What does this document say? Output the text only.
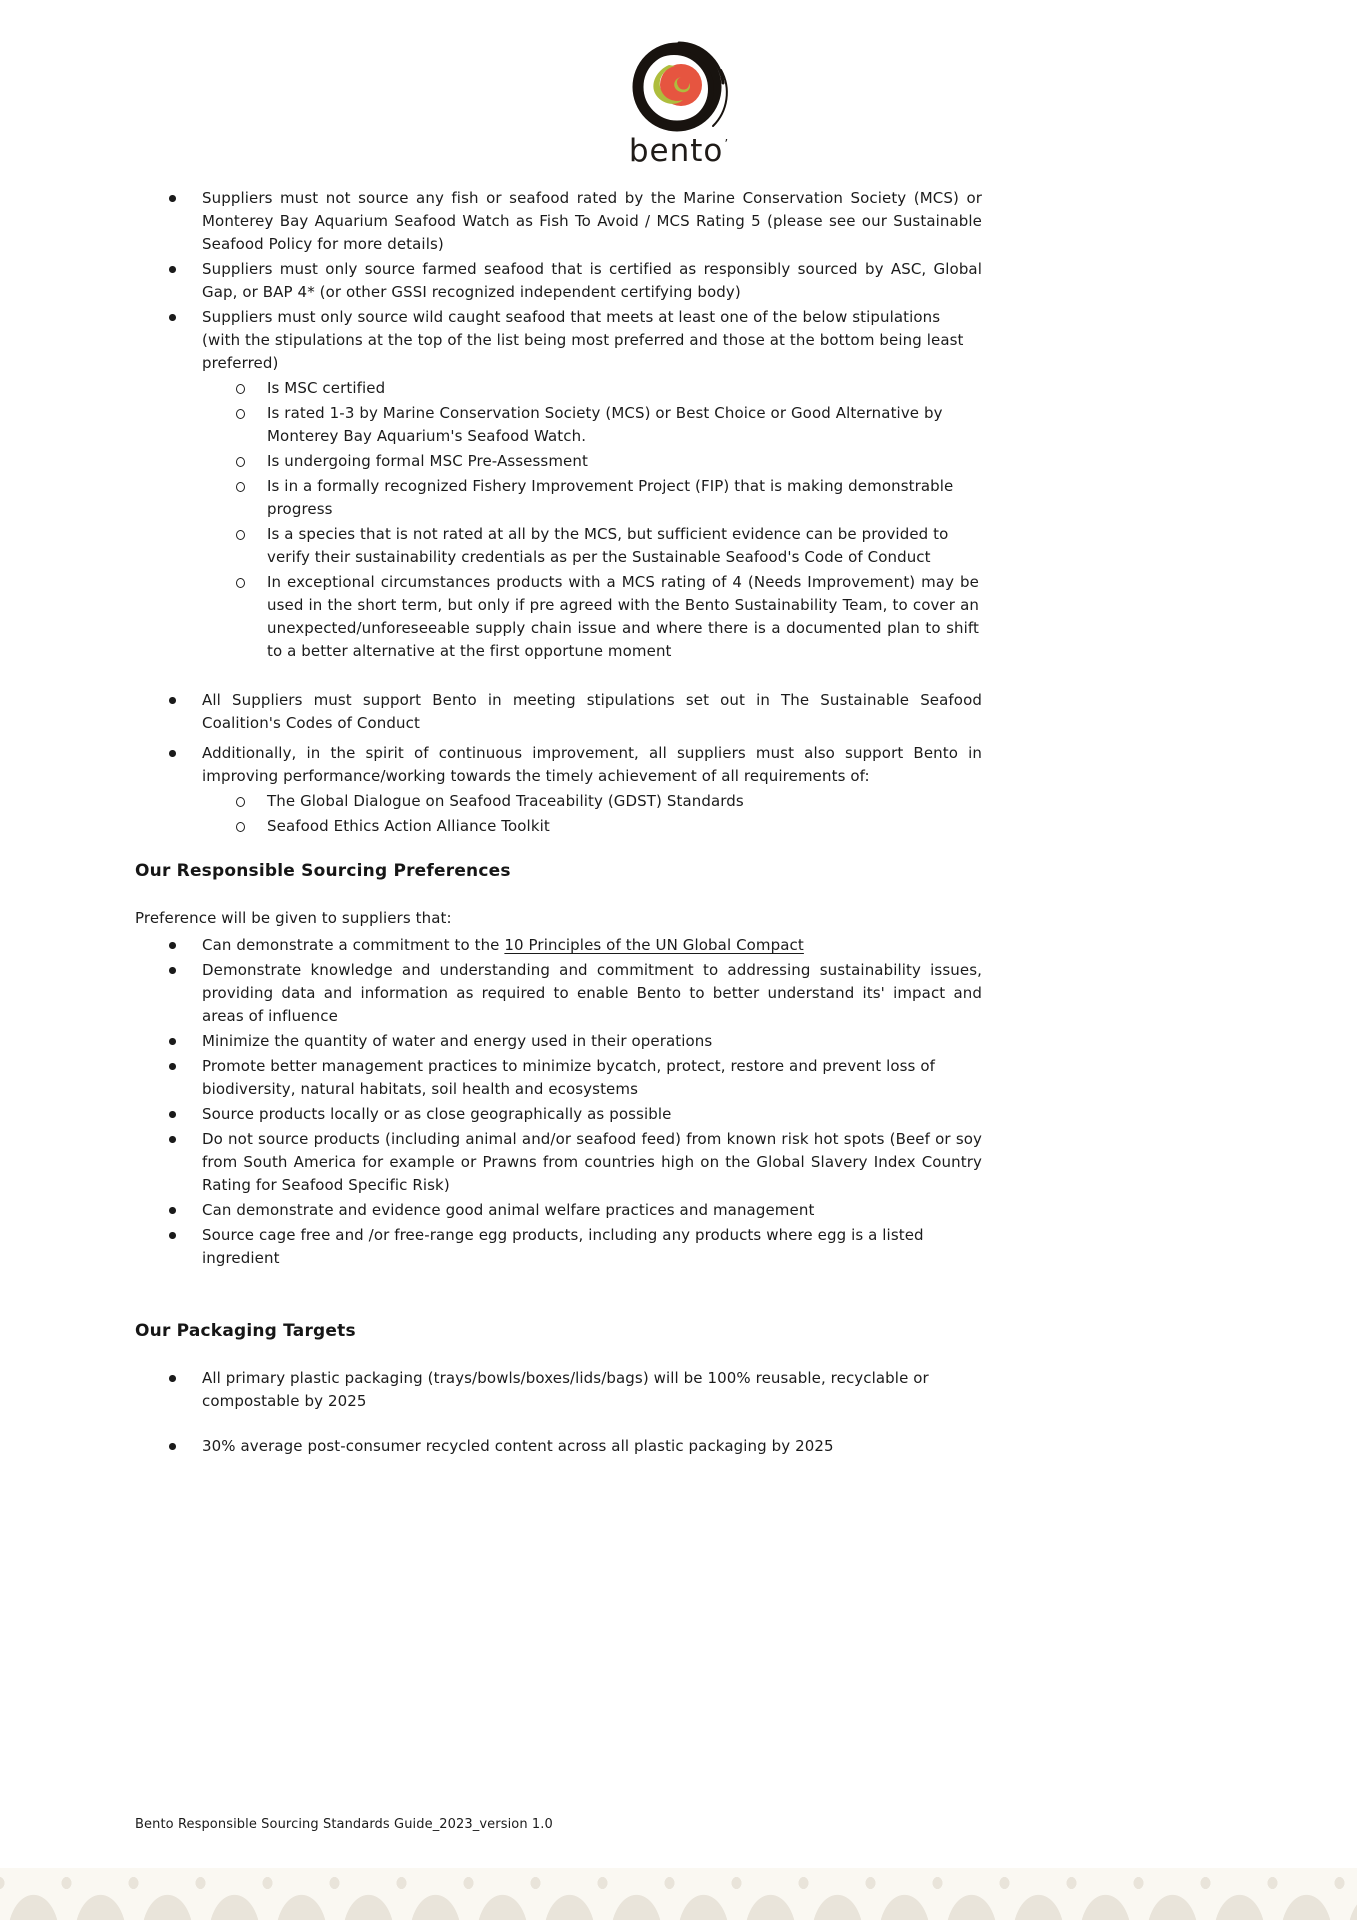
bento’
Suppliers must not source any fish or seafood rated by the Marine Conservation Society (MCS) or Monterey Bay Aquarium Seafood Watch as Fish To Avoid / MCS Rating 5 (please see our Sustainable Seafood Policy for more details)
Suppliers must only source farmed seafood that is certified as responsibly sourced by ASC, Global Gap, or BAP 4* (or other GSSI recognized independent certifying body)
Suppliers must only source wild caught seafood that meets at least one of the below stipulations (with the stipulations at the top of the list being most preferred and those at the bottom being least preferred)
Is MSC certified
Is rated 1-3 by Marine Conservation Society (MCS) or Best Choice or Good Alternative by Monterey Bay Aquarium's Seafood Watch.
Is undergoing formal MSC Pre-Assessment
Is in a formally recognized Fishery Improvement Project (FIP) that is making demonstrable progress
Is a species that is not rated at all by the MCS, but sufficient evidence can be provided to verify their sustainability credentials as per the Sustainable Seafood's Code of Conduct
In exceptional circumstances products with a MCS rating of 4 (Needs Improvement) may be used in the short term, but only if pre agreed with the Bento Sustainability Team, to cover an unexpected/unforeseeable supply chain issue and where there is a documented plan to shift to a better alternative at the first opportune moment
All Suppliers must support Bento in meeting stipulations set out in The Sustainable Seafood Coalition's Codes of Conduct
Additionally, in the spirit of continuous improvement, all suppliers must also support Bento in improving performance/working towards the timely achievement of all requirements of:
The Global Dialogue on Seafood Traceability (GDST) Standards
Seafood Ethics Action Alliance Toolkit
Our Responsible Sourcing Preferences

Preference will be given to suppliers that:

Can demonstrate a commitment to the 10 Principles of the UN Global Compact
Demonstrate knowledge and understanding and commitment to addressing sustainability issues, providing data and information as required to enable Bento to better understand its' impact and areas of influence
Minimize the quantity of water and energy used in their operations
Promote better management practices to minimize bycatch, protect, restore and prevent loss of biodiversity, natural habitats, soil health and ecosystems
Source products locally or as close geographically as possible
Do not source products (including animal and/or seafood feed) from known risk hot spots (Beef or soy from South America for example or Prawns from countries high on the Global Slavery Index Country Rating for Seafood Specific Risk)
Can demonstrate and evidence good animal welfare practices and management
Source cage free and /or free-range egg products, including any products where egg is a listed ingredient
Our Packaging Targets
All primary plastic packaging (trays/bowls/boxes/lids/bags) will be 100% reusable, recyclable or compostable by 2025
30% average post-consumer recycled content across all plastic packaging by 2025
Bento Responsible Sourcing Standards Guide_2023_version 1.0
